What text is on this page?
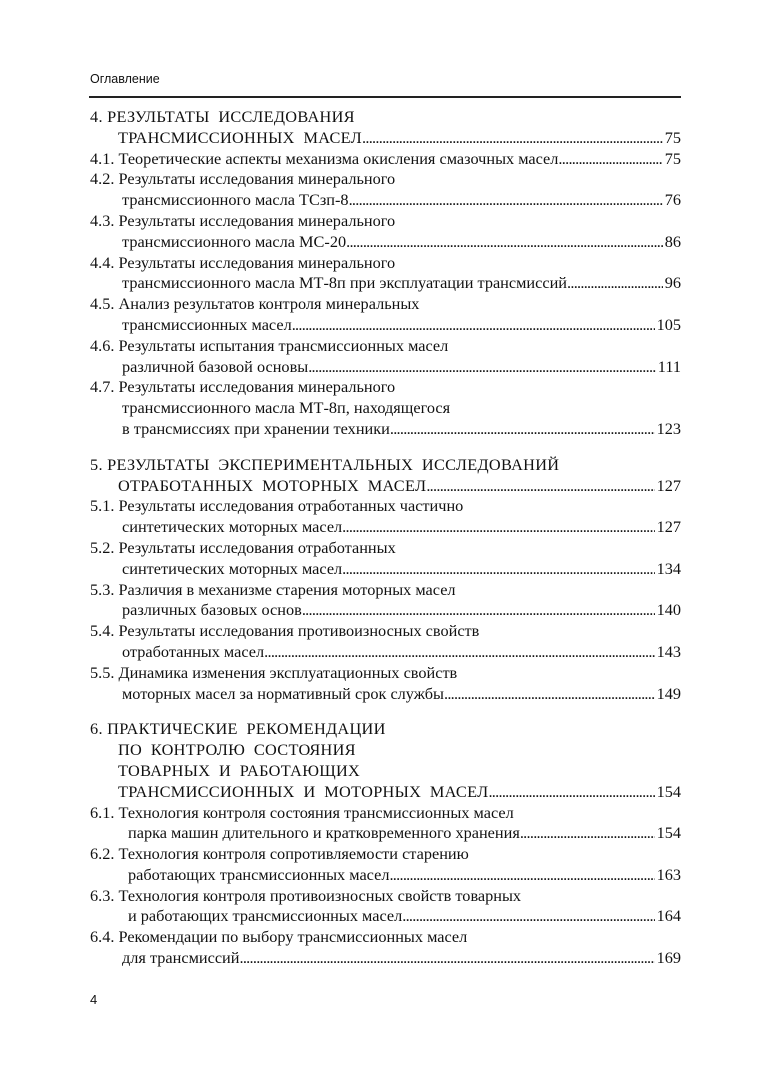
Оглавление
4. РЕЗУЛЬТАТЫ  ИССЛЕДОВАНИЯ
ТРАНСМИССИОННЫХ  МАСЕЛ . . .	75
4.1. Теоретические аспекты механизма окисления смазочных масел . . .	75
4.2. Результаты исследования минерального
трансмиссионного масла ТСзп-8 . . .	76
4.3. Результаты исследования минерального
трансмиссионного масла МС-20 . . .	86
4.4. Результаты исследования минерального
трансмиссионного масла МТ-8п при эксплуатации трансмиссий . . .	96
4.5. Анализ результатов контроля минеральных
трансмиссионных масел . . .	105
4.6. Результаты испытания трансмиссионных масел
различной базовой основы . . .	111
4.7. Результаты исследования минерального
трансмиссионного масла МТ-8п, находящегося
в трансмиссиях при хранении техники . . .	123
5. РЕЗУЛЬТАТЫ  ЭКСПЕРИМЕНТАЛЬНЫХ  ИССЛЕДОВАНИЙ
ОТРАБОТАННЫХ  МОТОРНЫХ  МАСЕЛ . . .	127
5.1. Результаты исследования отработанных частично
синтетических моторных масел . . .	127
5.2. Результаты исследования отработанных
синтетических моторных масел . . .	134
5.3. Различия в механизме старения моторных масел
различных базовых основ . . .	140
5.4. Результаты исследования противоизносных свойств
отработанных масел . . .	143
5.5. Динамика изменения эксплуатационных свойств
моторных масел за нормативный срок службы . . .	149
6. ПРАКТИЧЕСКИЕ  РЕКОМЕНДАЦИИ
ПО  КОНТРОЛЮ  СОСТОЯНИЯ
ТОВАРНЫХ  И  РАБОТАЮЩИХ
ТРАНСМИССИОННЫХ  И  МОТОРНЫХ  МАСЕЛ . . .	154
6.1. Технология контроля состояния трансмиссионных масел
парка машин длительного и кратковременного хранения . . .	154
6.2. Технология контроля сопротивляемости старению
работающих трансмиссионных масел . . .	163
6.3. Технология контроля противоизносных свойств товарных
и работающих трансмиссионных масел . . .	164
6.4. Рекомендации по выбору трансмиссионных масел
для трансмиссий . . .	169
4
